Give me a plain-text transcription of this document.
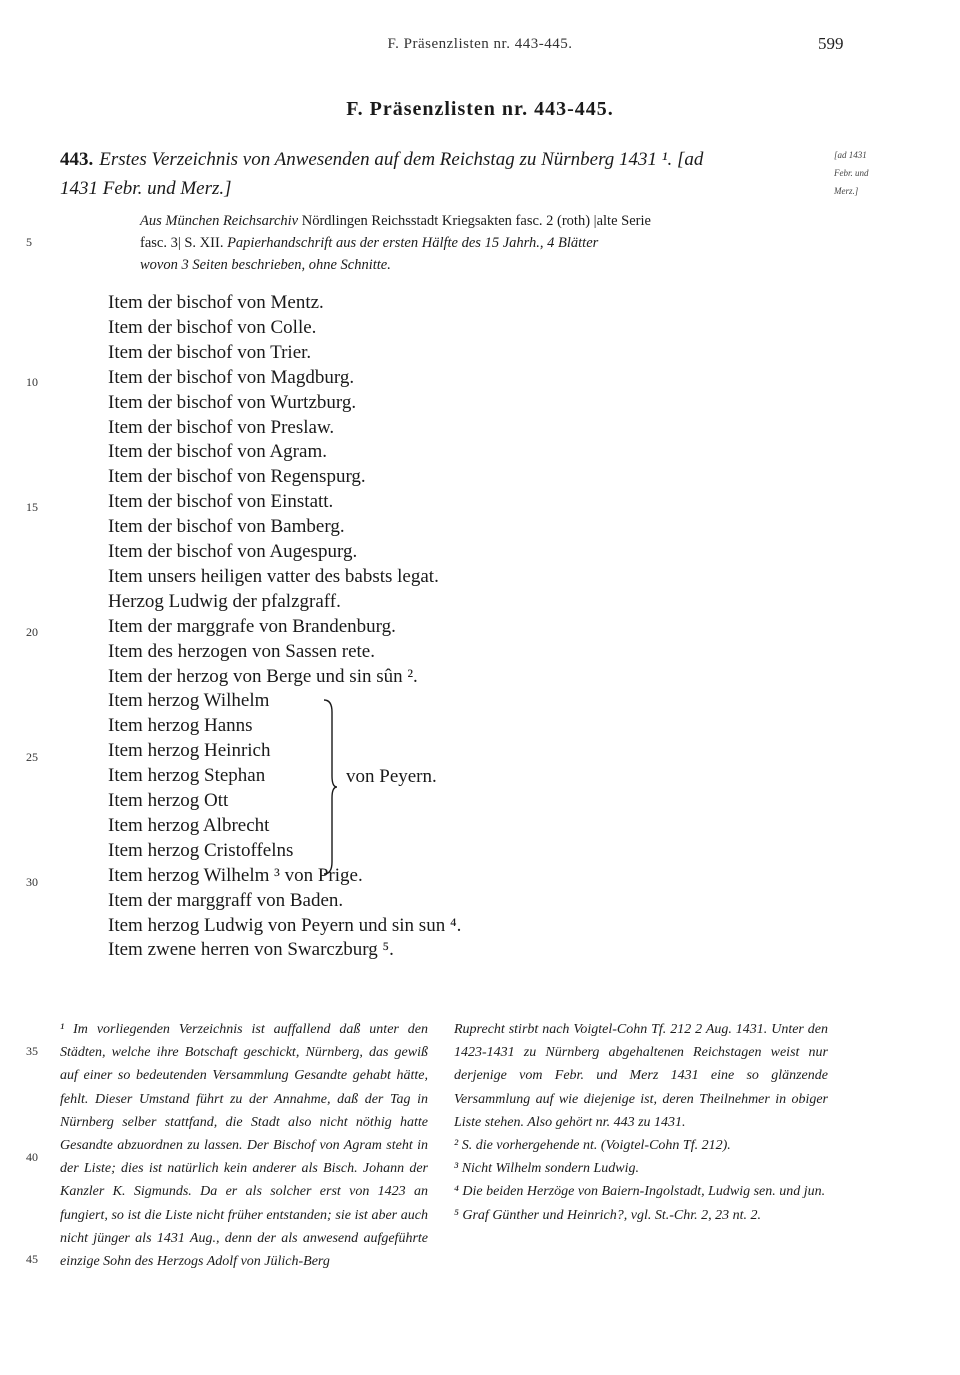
F. Präsenzlisten nr. 443-445.	599
F. Präsenzlisten nr. 443-445.
443. Erstes Verzeichnis von Anwesenden auf dem Reichstag zu Nürnberg 1431 ¹. [ad
1431 Febr. und Merz.]
[ad 1431 Febr. und Merz.]
Aus München Reichsarchiv Nördlingen Reichsstadt Kriegsakten fasc. 2 (roth) |alte Serie
fasc. 3| S. XII. Papierhandschrift aus der ersten Hälfte des 15 Jahrh., 4 Blätter
wovon 3 Seiten beschrieben, ohne Schnitte.
5
10
15
20
25
30
Item der bischof von Mentz.
Item der bischof von Colle.
Item der bischof von Trier.
Item der bischof von Magdburg.
Item der bischof von Wurtzburg.
Item der bischof von Preslaw.
Item der bischof von Agram.
Item der bischof von Regenspurg.
Item der bischof von Einstatt.
Item der bischof von Bamberg.
Item der bischof von Augespurg.
Item unsers heiligen vatter des babsts legat.
Herzog Ludwig der pfalzgraff.
Item der marggrafe von Brandenburg.
Item des herzogen von Sassen rete.
Item der herzog von Berge und sin sûn ².
Item herzog Wilhelm
Item herzog Hanns
Item herzog Heinrich
Item herzog Stephan
Item herzog Ott
Item herzog Albrecht
Item herzog Cristoffelns
Item herzog Wilhelm ³ von Prige.
Item der marggraff von Baden.
Item herzog Ludwig von Peyern und sin sun ⁴.
Item zwene herren von Swarczburg ⁵.
von Peyern.
35
40
45

¹ Im vorliegenden Verzeichnis ist auffallend daß unter den Städten, welche ihre Botschaft geschickt, Nürnberg, das gewiß auf einer so bedeutenden Versammlung Gesandte gehabt hätte, fehlt. Dieser Umstand führt zu der Annahme, daß der Tag in Nürnberg selber stattfand, die Stadt also nicht nöthig hatte Gesandte abzuordnen zu lassen. Der Bischof von Agram steht in der Liste; dies ist natürlich kein anderer als Bisch. Johann der Kanzler K. Sigmunds. Da er als solcher erst von 1423 an fungiert, so ist die Liste nicht früher entstanden; sie ist aber auch nicht jünger als 1431 Aug., denn der als anwesend aufgeführte einzige Sohn des Herzogs Adolf von Jülich-Berg

Ruprecht stirbt nach Voigtel-Cohn Tf. 212 2 Aug. 1431. Unter den 1423-1431 zu Nürnberg abgehaltenen Reichstagen weist nur derjenige vom Febr. und Merz 1431 eine so glänzende Versammlung auf wie diejenige ist, deren Theilnehmer in obiger Liste stehen. Also gehört nr. 443 zu 1431.

² S. die vorhergehende nt. (Voigtel-Cohn Tf. 212).

³ Nicht Wilhelm sondern Ludwig.

⁴ Die beiden Herzöge von Baiern-Ingolstadt, Ludwig sen. und jun.

⁵ Graf Günther und Heinrich?, vgl. St.-Chr. 2, 23 nt. 2.
